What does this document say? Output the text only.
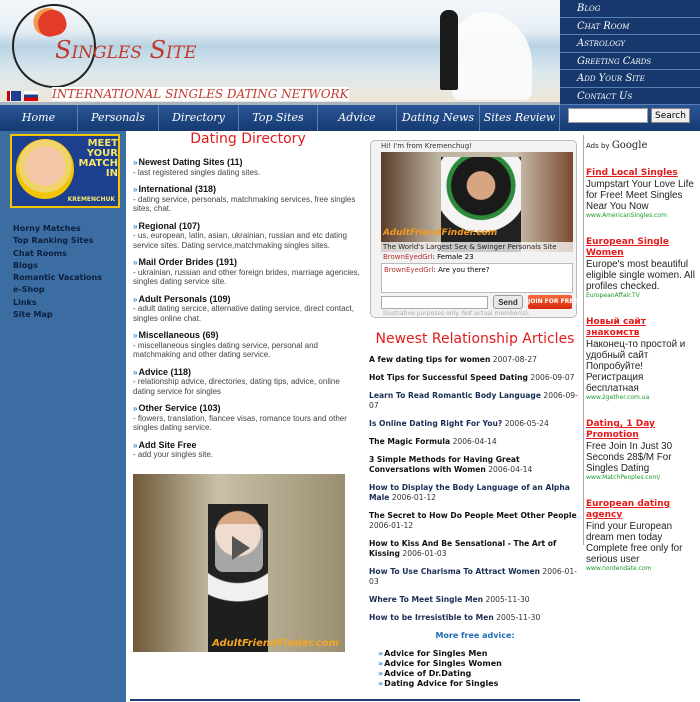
Singles Site
INTERNATIONAL SINGLES DATING NETWORK
Blog
Chat Room
Astrology
Greeting Cards
Add Your Site
Contact Us
Home	Personals	Directory	Top Sites	Advice	Dating News Sites Review	Search
MEET YOUR MATCH IN
KREMENCHUK
Horny Matches
Top Ranking Sites
Chat Rooms
Blogs
Romantic Vacations
e-Shop
Links
Site Map
Dating Directory
»Newest Dating Sites (11)
- last registered singles dating sites.
»International (318)
- dating service, personals, matchmaking services, free singles sites, chat.
»Regional (107)
- us, european, latin, asian, ukrainian, russian and etc dating service sites. Dating service,matchmaking singles sites.
»Mail Order Brides (191)
- ukrainian, russian and other foreign brides, marriage agencies, singles dating service site.
»Adult Personals (109)
- adult dating sercice, alternative dating service, direct contact, singles online chat.
»Miscellaneous (69)
- miscellaneous singles dating service, personal and matchmaking and other dating service.
»Advice (118)
- relationship advice, directories, dating tips, advice, online dating service for singles
»Other Service (103)
- flowers, translation, fiancee visas, romance tours and other singles dating service.
»Add Site Free
- add your singles site.
AdultFriendFinder.com
Hi! I'm from Kremenchug!
AdultFriendFinder.com
The World's Largest Sex & Swinger Personals Site
BrownEyedGrl: Female 23
BrownEyedGrl: Are you there?
Send	JOIN FOR FREE
Illustrative purposes only. Not actual member(s).
Newest Relationship Articles
A few dating tips for women 2007-08-27
Hot Tips for Successful Speed Dating 2006-09-07
Learn To Read Romantic Body Language 2006-09-07
Is Online Dating Right For You? 2006-05-24
The Magic Formula 2006-04-14
3 Simple Methods for Having Great Conversations with Women 2006-04-14
How to Display the Body Language of an Alpha Male 2006-01-12
The Secret to How Do People Meet Other People 2006-01-12
How to Kiss And Be Sensational - The Art of Kissing 2006-01-03
How To Use Charisma To Attract Women 2006-01-03
Where To Meet Single Men 2005-11-30
How to be Irresistible to Men 2005-11-30
More free advice:
»Advice for Singles Men
»Advice for Singles Women
»Advice of Dr.Dating
»Dating Advice for Singles
Ads by Google
Find Local Singles
Jumpstart Your Love Life for Free! Meet Singles Near You Now
www.AmericanSingles.com
European Single Women
Europe's most beautiful eligible single women. All profiles checked.
EuropeanAffair.TV
Новый сайт знакомств
Наконец-то простой и удобный сайт Попробуйте! Регистрация бесплатная
www.2gether.com.ua
Dating, 1 Day Promotion
Free Join In Just 30 Seconds 28$/M For Singles Dating
www.MatchPeoples.com/
European dating agency
Find your European dream men today Complete free only for serious user
www.nordendate.com
